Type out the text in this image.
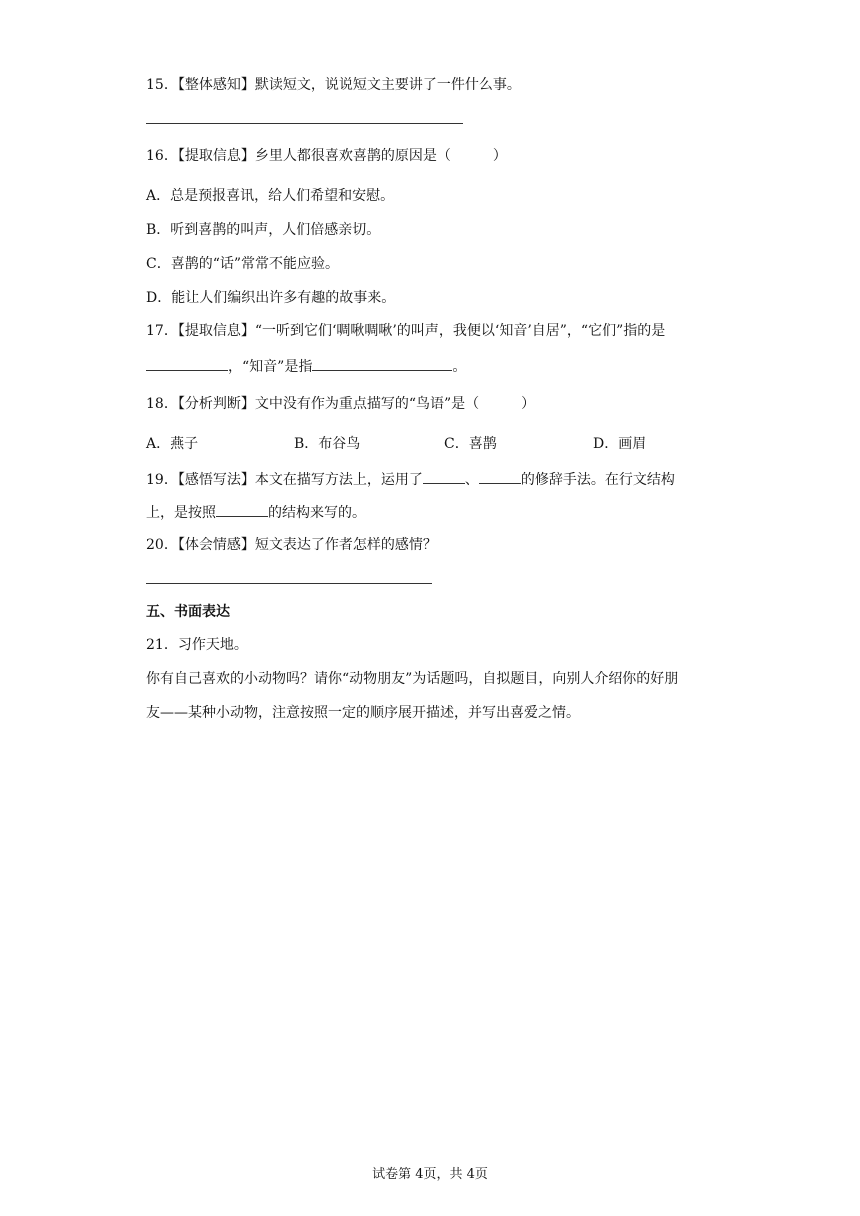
15．【整体感知】默读短文，说说短文主要讲了一件什么事。
16．【提取信息】乡里人都很喜欢喜鹊的原因是（　　　）
A．总是预报喜讯，给人们希望和安慰。
B．听到喜鹊的叫声，人们倍感亲切。
C．喜鹊的“话”常常不能应验。
D．能让人们编织出许多有趣的故事来。
17．【提取信息】“一听到它们‘啁啾啁啾’的叫声，我便以‘知音’自居”，“它们”指的是
，“知音”是指	。
18．【分析判断】文中没有作为重点描写的“鸟语”是（　　　）
A．燕子	B．布谷鸟	C．喜鹊	D．画眉
19．【感悟写法】本文在描写方法上，运用了	、	的修辞手法。在行文结构
上，是按照	的结构来写的。
20．【体会情感】短文表达了作者怎样的感情？
五、书面表达
21．习作天地。
你有自己喜欢的小动物吗？请你“动物朋友”为话题吗，自拟题目，向别人介绍你的好朋
友——某种小动物，注意按照一定的顺序展开描述，并写出喜爱之情。
试卷第 4页，共 4页
